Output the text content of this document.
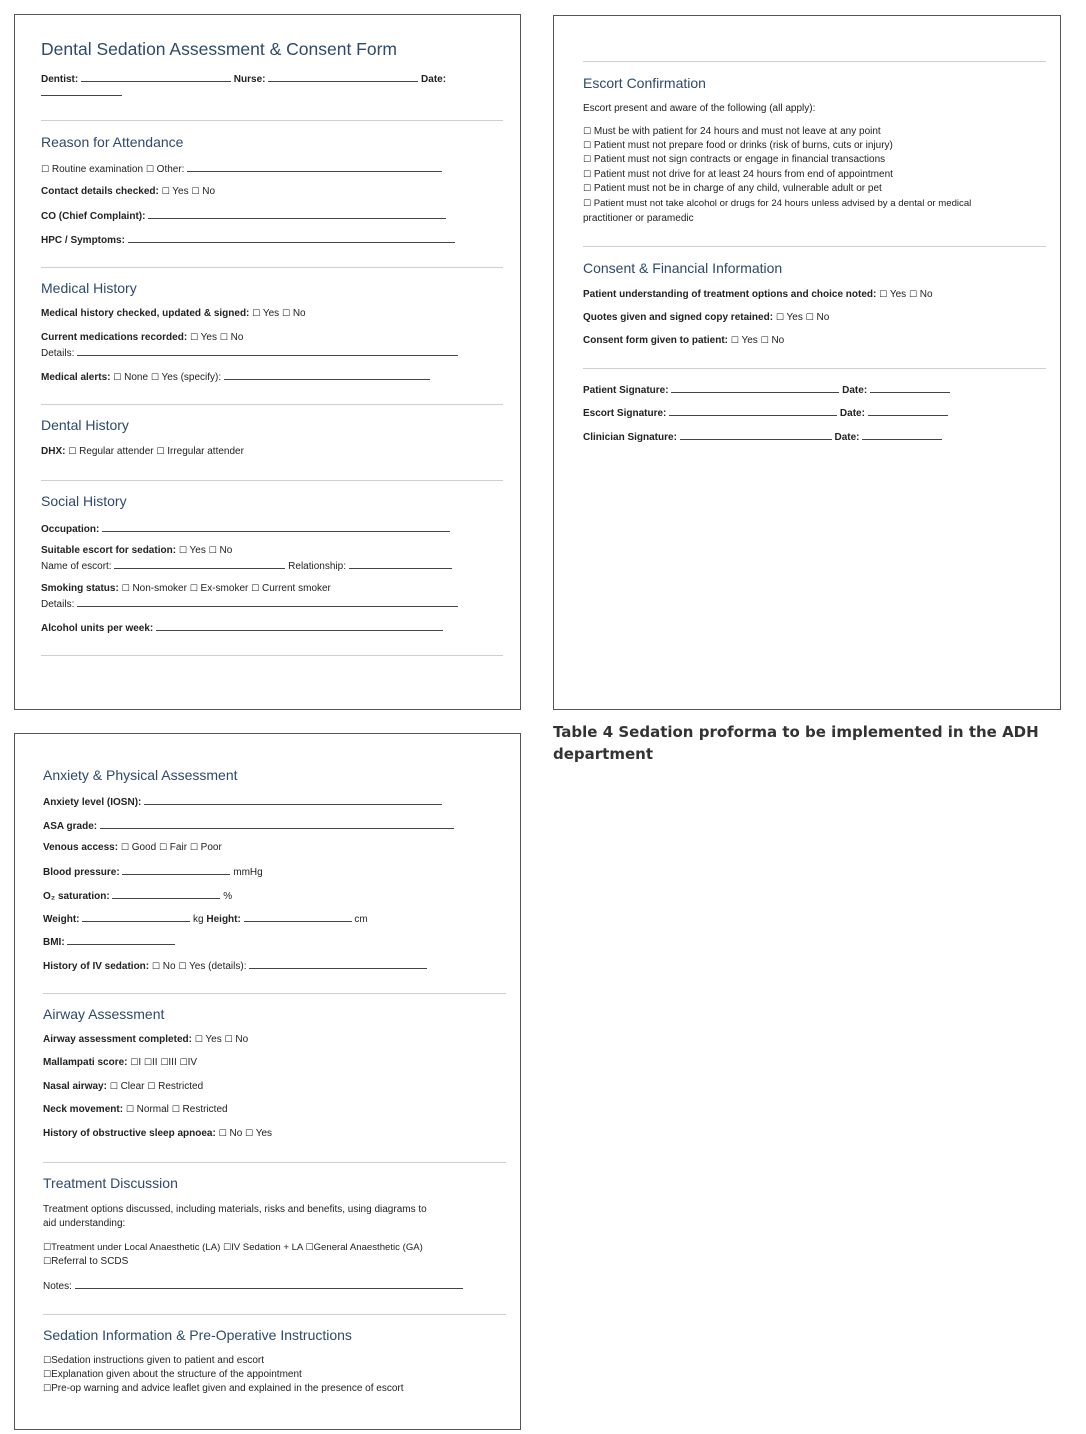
Dental Sedation Assessment & Consent Form
Dentist:	Nurse:	Date:
Reason for Attendance
☐ Routine examination ☐ Other:
Contact details checked: ☐ Yes ☐ No
CO (Chief Complaint):
HPC / Symptoms:
Medical History
Medical history checked, updated & signed: ☐ Yes ☐ No
Current medications recorded: ☐ Yes ☐ No
Details:
Medical alerts: ☐ None ☐ Yes (specify):
Dental History
DHX: ☐ Regular attender ☐ Irregular attender
Social History
Occupation:
Suitable escort for sedation: ☐ Yes ☐ No
Name of escort:	Relationship:
Smoking status: ☐ Non-smoker ☐ Ex-smoker ☐ Current smoker
Details:
Alcohol units per week:
Escort Confirmation
Escort present and aware of the following (all apply):
☐ Must be with patient for 24 hours and must not leave at any point
☐ Patient must not prepare food or drinks (risk of burns, cuts or injury)
☐ Patient must not sign contracts or engage in financial transactions
☐ Patient must not drive for at least 24 hours from end of appointment
☐ Patient must not be in charge of any child, vulnerable adult or pet
☐ Patient must not take alcohol or drugs for 24 hours unless advised by a dental or medical
practitioner or paramedic
Consent & Financial Information
Patient understanding of treatment options and choice noted: ☐ Yes ☐ No
Quotes given and signed copy retained: ☐ Yes ☐ No
Consent form given to patient: ☐ Yes ☐ No
Patient Signature:	Date:
Escort Signature:	Date:
Clinician Signature:	Date:
Table 4 Sedation proforma to be implemented in the ADH department
Anxiety & Physical Assessment
Anxiety level (IOSN):
ASA grade:
Venous access: ☐ Good ☐ Fair ☐ Poor
Blood pressure:	mmHg
O₂ saturation:	%
Weight:	kg Height:	cm
BMI:
History of IV sedation: ☐ No ☐ Yes (details):
Airway Assessment
Airway assessment completed: ☐ Yes ☐ No
Mallampati score: ☐I ☐II ☐III ☐IV
Nasal airway: ☐ Clear ☐ Restricted
Neck movement: ☐ Normal ☐ Restricted
History of obstructive sleep apnoea: ☐ No ☐ Yes
Treatment Discussion
Treatment options discussed, including materials, risks and benefits, using diagrams to
aid understanding:
☐Treatment under Local Anaesthetic (LA) ☐IV Sedation + LA ☐General Anaesthetic (GA)
☐Referral to SCDS
Notes:
Sedation Information & Pre-Operative Instructions
☐Sedation instructions given to patient and escort
☐Explanation given about the structure of the appointment
☐Pre-op warning and advice leaflet given and explained in the presence of escort
